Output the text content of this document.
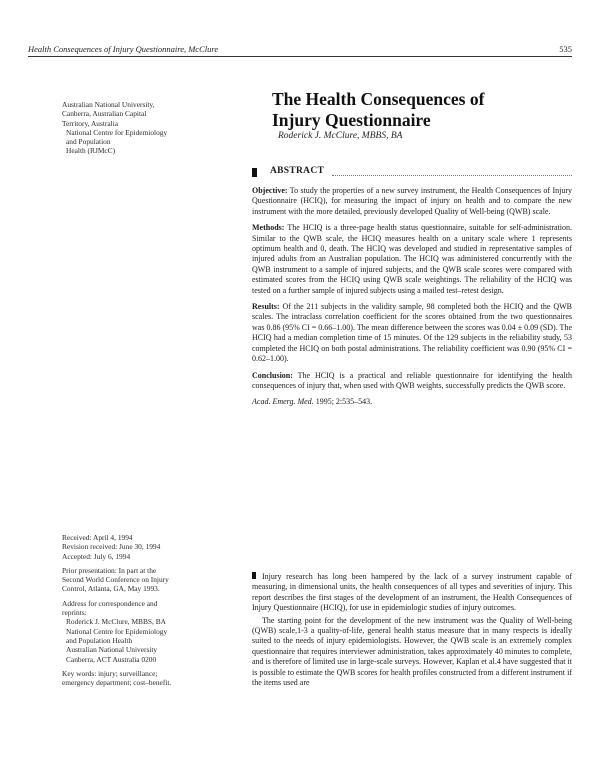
Health Consequences of Injury Questionnaire, McClure	535

Australian National University,

Canberra, Australian Capital

Territory, Australia

National Centre for Epidemiology

and Population

Health (RJMcC)

The Health Consequences of
Injury Questionnaire
Roderick J. McClure, MBBS, BA
ABSTRACT

Objective: To study the properties of a new survey instrument, the Health Consequences of Injury Questionnaire (HCIQ), for measuring the impact of injury on health and to compare the new instrument with the more detailed, previously developed Quality of Well-being (QWB) scale.

Methods: The HCIQ is a three-page health status questionnaire, suitable for self-administration. Similar to the QWB scale, the HCIQ measures health on a unitary scale where 1 represents optimum health and 0, death. The HCIQ was developed and studied in representative samples of injured adults from an Australian population. The HCIQ was administered concurrently with the QWB instrument to a sample of injured subjects, and the QWB scale scores were compared with estimated scores from the HCIQ using QWB scale weightings. The reliability of the HCIQ was tested on a further sample of injured subjects using a mailed test–retest design.

Results: Of the 211 subjects in the validity sample, 98 completed both the HCIQ and the QWB scales. The intraclass correlation coefficient for the scores obtained from the two questionnaires was 0.86 (95% CI = 0.66–1.00). The mean difference between the scores was 0.04 ± 0.09 (SD). The HCIQ had a median completion time of 15 minutes. Of the 129 subjects in the reliability study, 53 completed the HCIQ on both postal administrations. The reliability coefficient was 0.90 (95% CI = 0.62–1.00).

Conclusion: The HCIQ is a practical and reliable questionnaire for identifying the health consequences of injury that, when used with QWB weights, successfully predicts the QWB score.

Acad. Emerg. Med. 1995; 2:535–543.

Received: April 4, 1994

Revision received: June 30, 1994

Accepted: July 6, 1994

Prior presentation: In part at the

Second World Conference on Injury

Control, Atlanta, GA, May 1993.

Address for correspondence and

reprints:

Roderick J. McClure, MBBS, BA

National Centre for Epidemiology

and Population Health

Australian National University

Canberra, ACT Australia 0200

Key words: injury; surveillance;

emergency department; cost–benefit.

Injury research has long been hampered by the lack of a survey instrument capable of measuring, in dimensional units, the health consequences of all types and severities of injury. This report describes the first stages of the development of an instrument, the Health Consequences of Injury Questionnaire (HCIQ), for use in epidemiologic studies of injury outcomes.

The starting point for the development of the new instrument was the Quality of Well-being (QWB) scale,1-3 a quality-of-life, general health status measure that in many respects is ideally suited to the needs of injury epidemiologists. However, the QWB scale is an extremely complex questionnaire that requires interviewer administration, takes approximately 40 minutes to complete, and is therefore of limited use in large-scale surveys. However, Kaplan et al.4 have suggested that it is possible to estimate the QWB scores for health profiles constructed from a different instrument if the items used are
